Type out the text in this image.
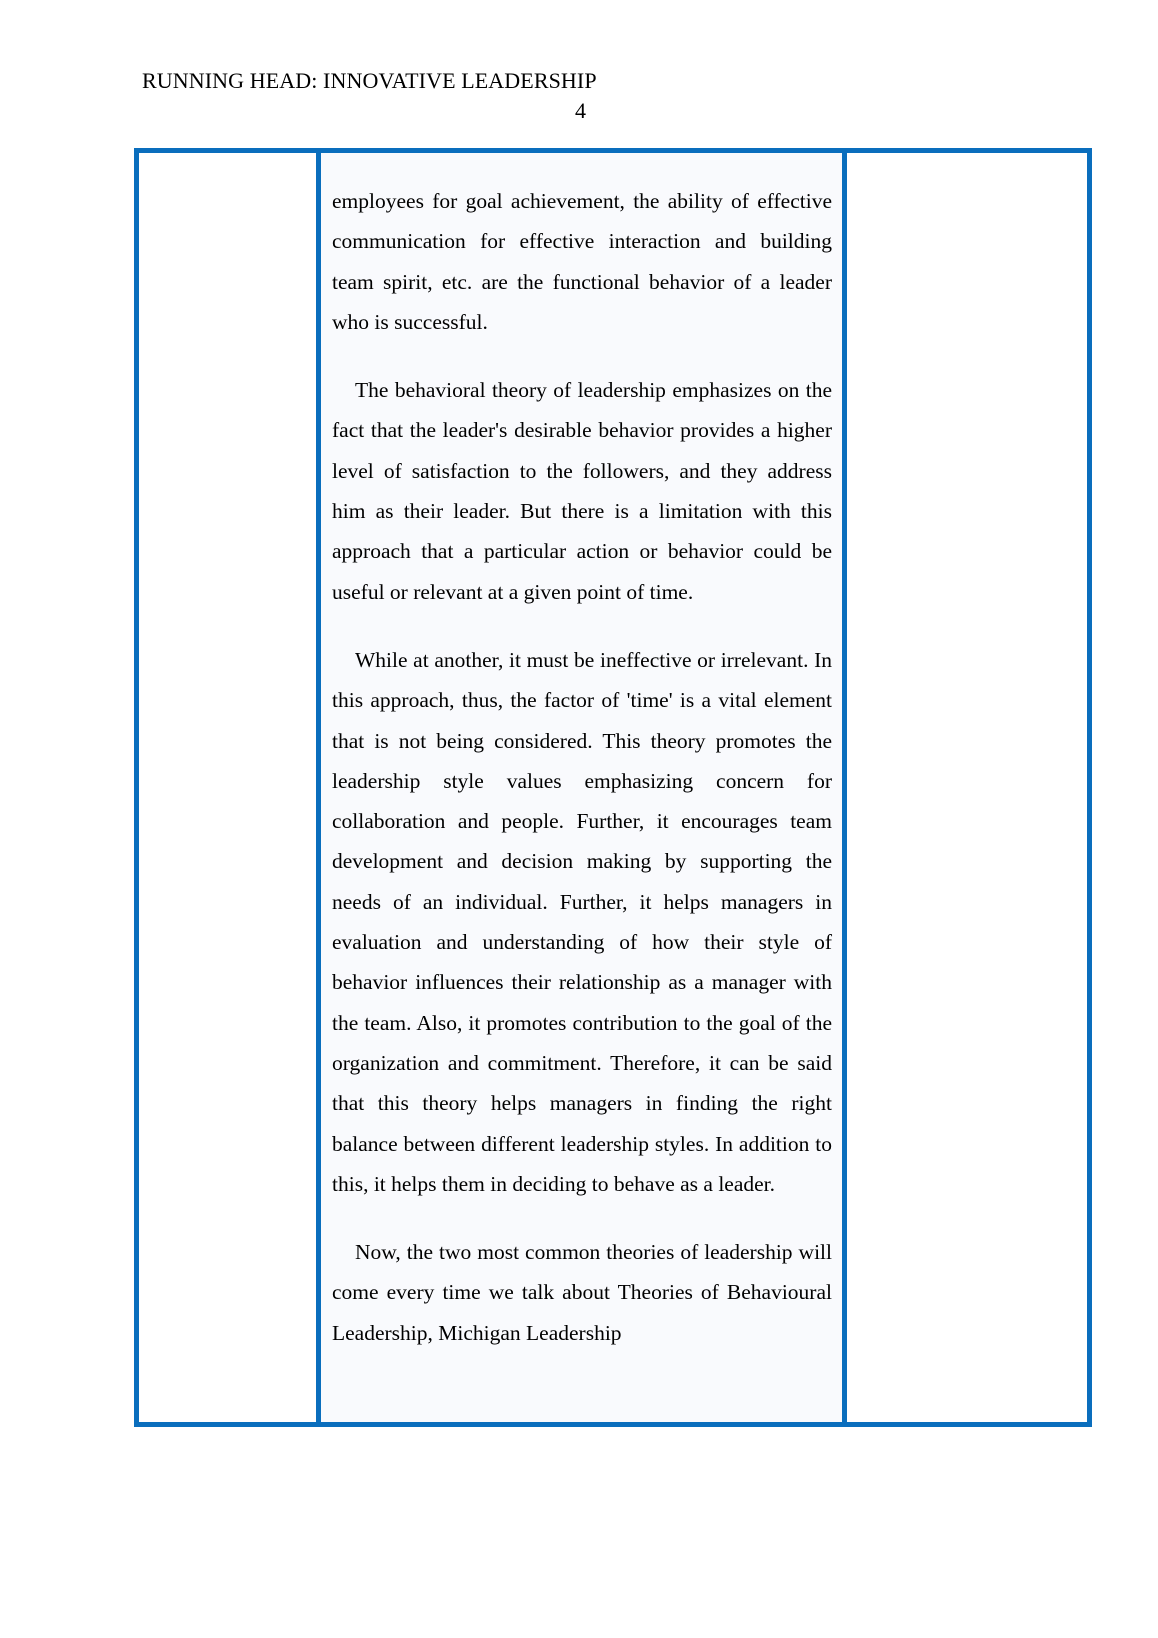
RUNNING HEAD: INNOVATIVE LEADERSHIP
4

employees for goal achievement, the ability of effective communication for effective interaction and building team spirit, etc. are the functional behavior of a leader who is successful.

The behavioral theory of leadership emphasizes on the fact that the leader's desirable behavior provides a higher level of satisfaction to the followers, and they address him as their leader. But there is a limitation with this approach that a particular action or behavior could be useful or relevant at a given point of time.

While at another, it must be ineffective or irrelevant. In this approach, thus, the factor of 'time' is a vital element that is not being considered. This theory promotes the leadership style values emphasizing concern for collaboration and people. Further, it encourages team development and decision making by supporting the needs of an individual. Further, it helps managers in evaluation and understanding of how their style of behavior influences their relationship as a manager with the team. Also, it promotes contribution to the goal of the organization and commitment. Therefore, it can be said that this theory helps managers in finding the right balance between different leadership styles. In addition to this, it helps them in deciding to behave as a leader.

Now, the two most common theories of leadership will come every time we talk about Theories of Behavioural Leadership, Michigan Leadership
